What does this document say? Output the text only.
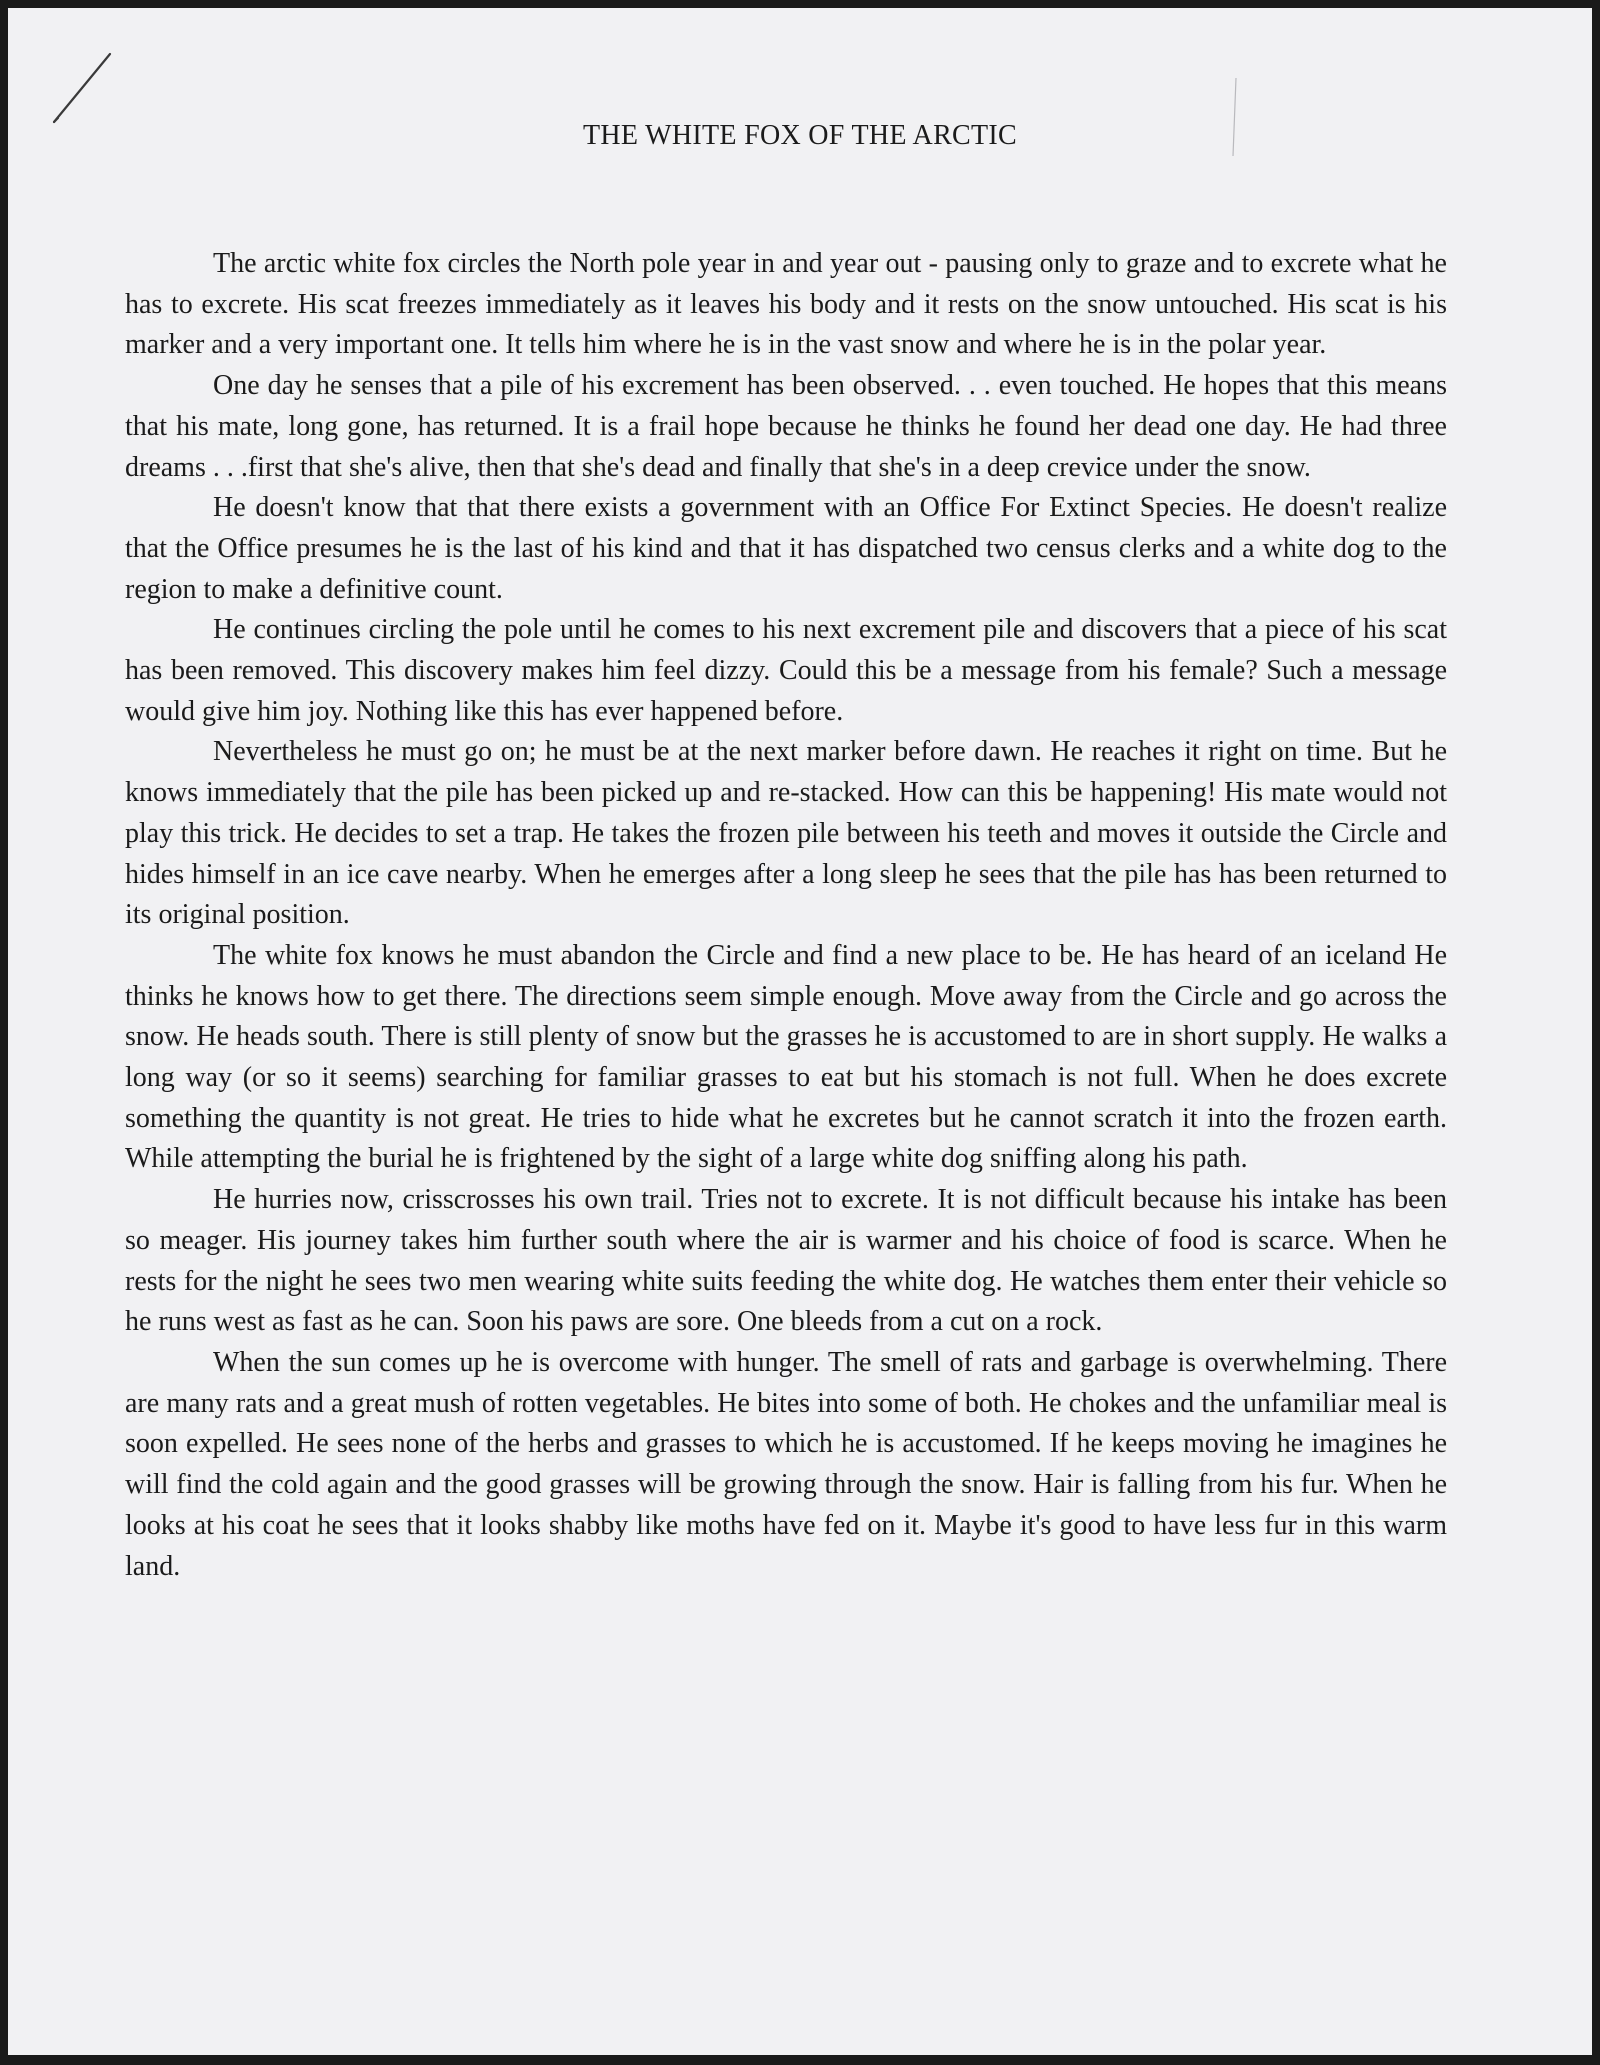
THE WHITE FOX OF THE ARCTIC

The arctic white fox circles the North pole year in and year out - pausing only to graze and to excrete what he has to excrete. His scat freezes immediately as it leaves his body and it rests on the snow untouched. His scat is his marker and a very important one. It tells him where he is in the vast snow and where he is in the polar year.

One day he senses that a pile of his excrement has been observed. . . even touched. He hopes that this means that his mate, long gone, has returned. It is a frail hope because he thinks he found her dead one day. He had three dreams . . .first that she's alive, then that she's dead and finally that she's in a deep crevice under the snow.

He doesn't know that that there exists a government with an Office For Extinct Species. He doesn't realize that the Office presumes he is the last of his kind and that it has dispatched two census clerks and a white dog to the region to make a definitive count.

He continues circling the pole until he comes to his next excrement pile and discovers that a piece of his scat has been removed. This discovery makes him feel dizzy. Could this be a message from his female? Such a message would give him joy. Nothing like this has ever happened before.

Nevertheless he must go on; he must be at the next marker before dawn. He reaches it right on time. But he knows immediately that the pile has been picked up and re-stacked. How can this be happening! His mate would not play this trick. He decides to set a trap. He takes the frozen pile between his teeth and moves it outside the Circle and hides himself in an ice cave nearby. When he emerges after a long sleep he sees that the pile has has been returned to its original position.

The white fox knows he must abandon the Circle and find a new place to be. He has heard of an iceland He thinks he knows how to get there. The directions seem simple enough. Move away from the Circle and go across the snow. He heads south. There is still plenty of snow but the grasses he is accustomed to are in short supply. He walks a long way (or so it seems) searching for familiar grasses to eat but his stomach is not full. When he does excrete something the quantity is not great. He tries to hide what he excretes but he cannot scratch it into the frozen earth. While attempting the burial he is frightened by the sight of a large white dog sniffing along his path.

He hurries now, crisscrosses his own trail. Tries not to excrete. It is not difficult because his intake has been so meager. His journey takes him further south where the air is warmer and his choice of food is scarce. When he rests for the night he sees two men wearing white suits feeding the white dog. He watches them enter their vehicle so he runs west as fast as he can. Soon his paws are sore. One bleeds from a cut on a rock.

When the sun comes up he is overcome with hunger. The smell of rats and garbage is overwhelming. There are many rats and a great mush of rotten vegetables. He bites into some of both. He chokes and the unfamiliar meal is soon expelled. He sees none of the herbs and grasses to which he is accustomed. If he keeps moving he imagines he will find the cold again and the good grasses will be growing through the snow. Hair is falling from his fur. When he looks at his coat he sees that it looks shabby like moths have fed on it. Maybe it's good to have less fur in this warm land.
